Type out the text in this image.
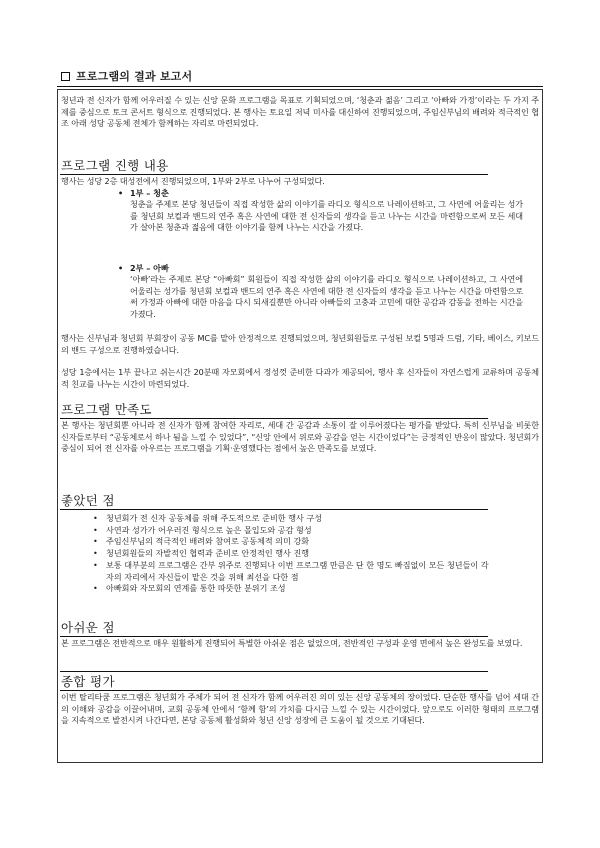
프로그램의 결과 보고서
청년과 전 신자가 함께 어우러질 수 있는 신앙 문화 프로그램을 목표로 기획되었으며, ‘청춘과 젊음’ 그리고 ‘아빠와 가정’이라는 두 가지 주제를 중심으로 토크 콘서트 형식으로 진행되었다. 본 행사는 토요일 저녁 미사를 대신하여 진행되었으며, 주임신부님의 배려와 적극적인 협조 아래 성당 공동체 전체가 함께하는 자리로 마련되었다.
프로그램 진행 내용
행사는 성당 2층 대성전에서 진행되었으며, 1부와 2부로 나누어 구성되었다.
• 1부 – 청춘
청춘을 주제로 본당 청년들이 직접 작성한 삶의 이야기를 라디오 형식으로 나레이션하고, 그 사연에 어울리는 성가를 청년회 보컬과 밴드의 연주 혹은 사연에 대한 전 신자들의 생각을 듣고 나누는 시간을 마련함으로써 모든 세대가 살아본 청춘과 젊음에 대한 이야기를 함께 나누는 시간을 가졌다.
• 2부 – 아빠
‘아빠’라는 주제로 본당 “아빠회” 회원들이 직접 작성한 삶의 이야기를 라디오 형식으로 나레이션하고, 그 사연에 어울리는 성가를 청년회 보컬과 밴드의 연주 혹은 사연에 대한 전 신자들의 생각을 듣고 나누는 시간을 마련함으로써 가정과 아빠에 대한 마음을 다시 되새길뿐만 아니라 아빠들의 고충과 고민에 대한 공감과 감동을 전하는 시간을 가졌다.
행사는 신부님과 청년회 부회장이 공동 MC를 맡아 안정적으로 진행되었으며, 청년회원들로 구성된 보컬 5명과 드럼, 기타, 베이스, 키보드의 밴드 구성으로 진행하였습니다.
성당 1층에서는 1부 끝나고 쉬는시간 20분때 자모회에서 정성껏 준비한 다과가 제공되어, 행사 후 신자들이 자연스럽게 교류하며 공동체적 친교를 나누는 시간이 마련되었다.
프로그램 만족도
본 행사는 청년회뿐 아니라 전 신자가 함께 참여한 자리로, 세대 간 공감과 소통이 잘 이루어졌다는 평가를 받았다. 특히 신부님을 비롯한 신자들로부터 “공동체로서 하나 됨을 느낄 수 있었다”, “신앙 안에서 위로와 공감을 얻는 시간이었다”는 긍정적인 반응이 많았다. 청년회가 중심이 되어 전 신자를 아우르는 프로그램을 기획·운영했다는 점에서 높은 만족도를 보였다.
좋았던 점
• 청년회가 전 신자 공동체를 위해 주도적으로 준비한 행사 구성
• 사연과 성가가 어우러진 형식으로 높은 몰입도와 공감 형성
• 주임신부님의 적극적인 배려와 참여로 공동체적 의미 강화
• 청년회원들의 자발적인 협력과 준비로 안정적인 행사 진행
• 보통 대부분의 프로그램은 간부 위주로 진행되나 이번 프로그램 만큼은 단 한 명도 빠짐없이 모든 청년들이 각자의 자리에서 자신들이 맡은 것을 위해 최선을 다한 점
• 아빠회와 자모회의 연계를 통한 따뜻한 분위기 조성
아쉬운 점
본 프로그램은 전반적으로 매우 원활하게 진행되어 특별한 아쉬운 점은 없었으며, 전반적인 구성과 운영 면에서 높은 완성도를 보였다.
종합 평가
이번 탈리타쿰 프로그램은 청년회가 주체가 되어 전 신자가 함께 어우러진 의미 있는 신앙 공동체의 장이었다. 단순한 행사를 넘어 세대 간의 이해와 공감을 이끌어내며, 교회 공동체 안에서 ‘함께 함’의 가치를 다시금 느낄 수 있는 시간이었다. 앞으로도 이러한 형태의 프로그램을 지속적으로 발전시켜 나간다면, 본당 공동체 활성화와 청년 신앙 성장에 큰 도움이 될 것으로 기대된다.
